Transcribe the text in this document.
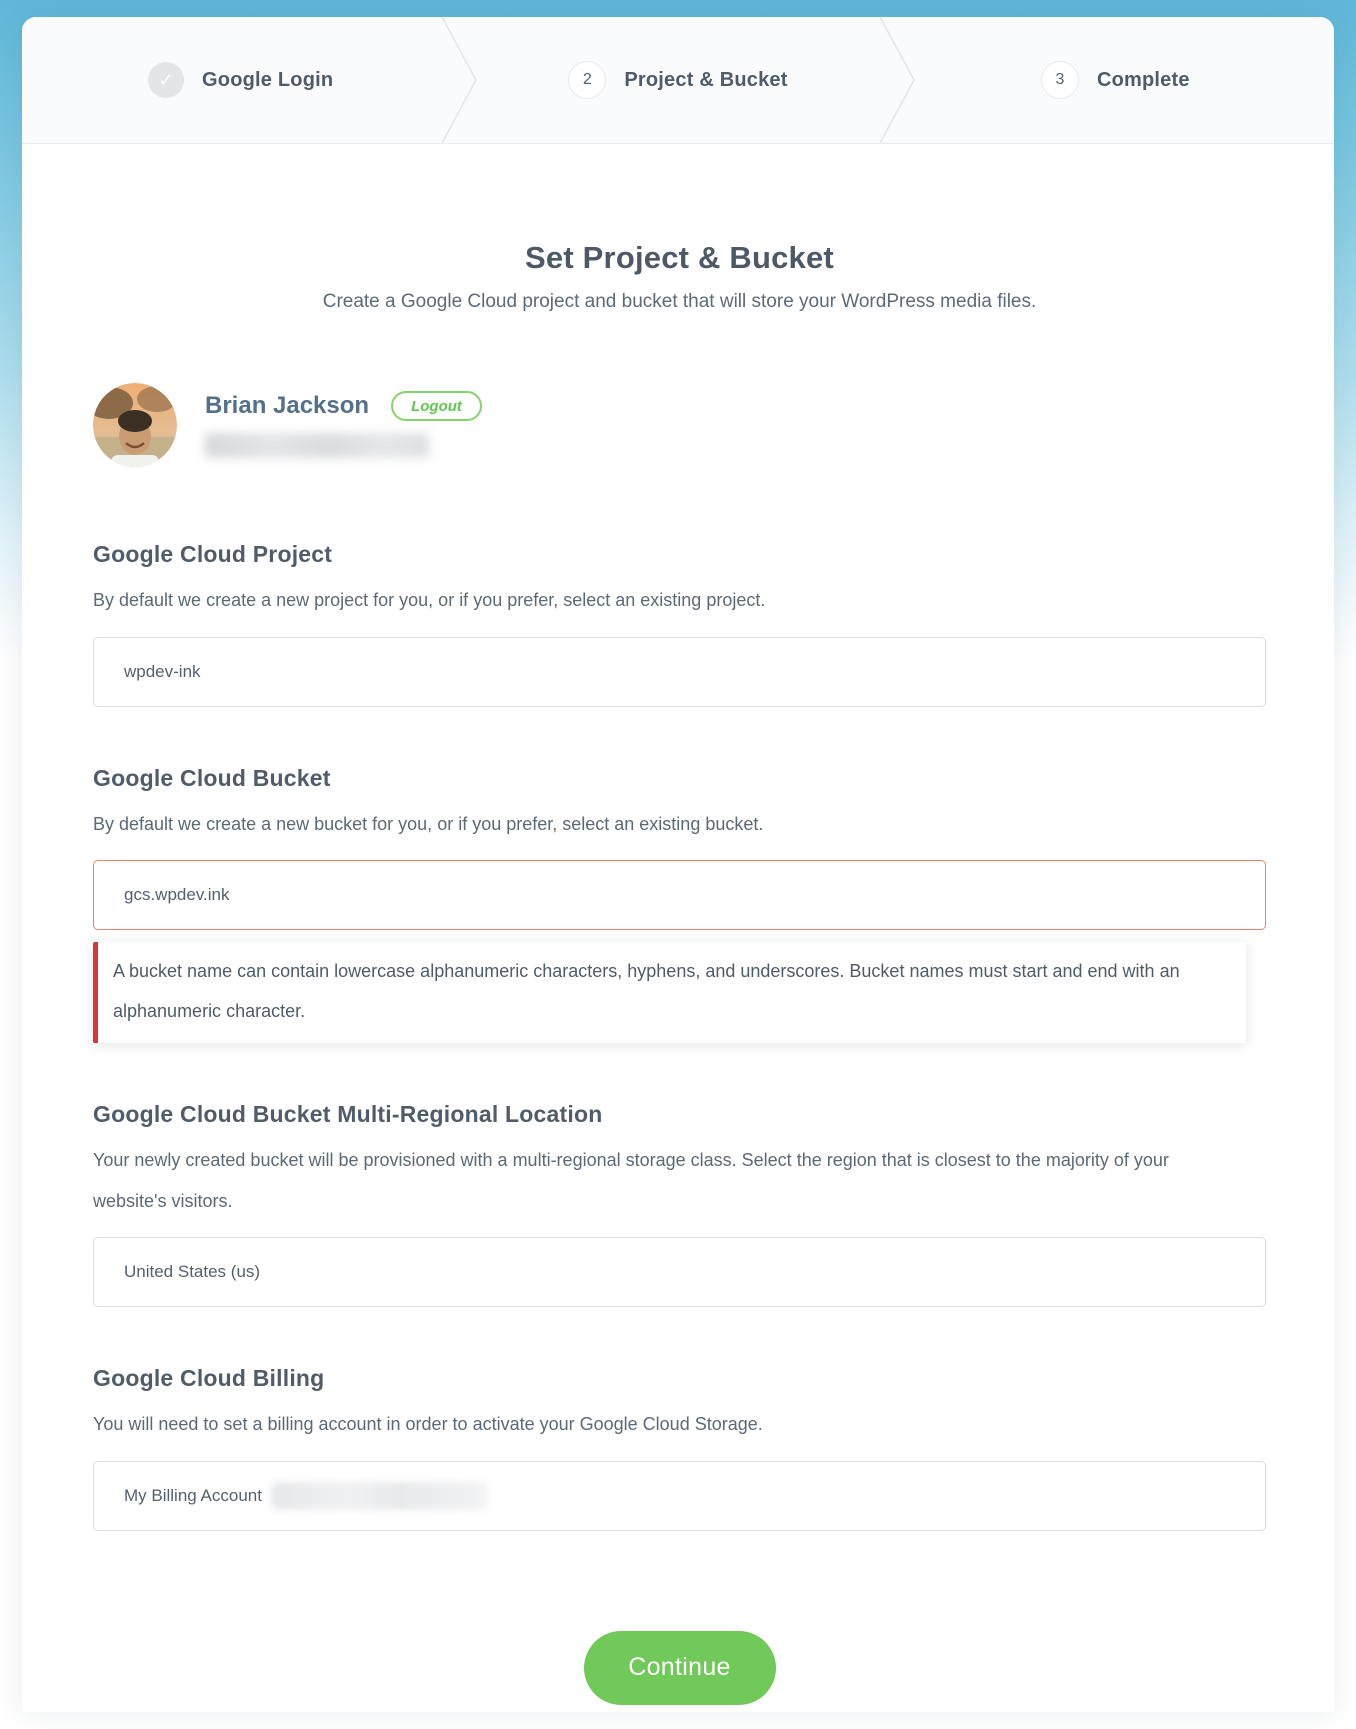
✓	Google Login	2	Project & Bucket	3	Complete
Set Project & Bucket
Create a Google Cloud project and bucket that will store your WordPress media files.
Brian Jackson	Logout
Google Cloud Project
By default we create a new project for you, or if you prefer, select an existing project.
wpdev-ink
Google Cloud Bucket
By default we create a new bucket for you, or if you prefer, select an existing bucket.
gcs.wpdev.ink
A bucket name can contain lowercase alphanumeric characters, hyphens, and underscores. Bucket names must start and end with an alphanumeric character.
Google Cloud Bucket Multi-Regional Location
Your newly created bucket will be provisioned with a multi-regional storage class. Select the region that is closest to the majority of your website's visitors.
United States (us)
Google Cloud Billing
You will need to set a billing account in order to activate your Google Cloud Storage.
My Billing Account
Continue
